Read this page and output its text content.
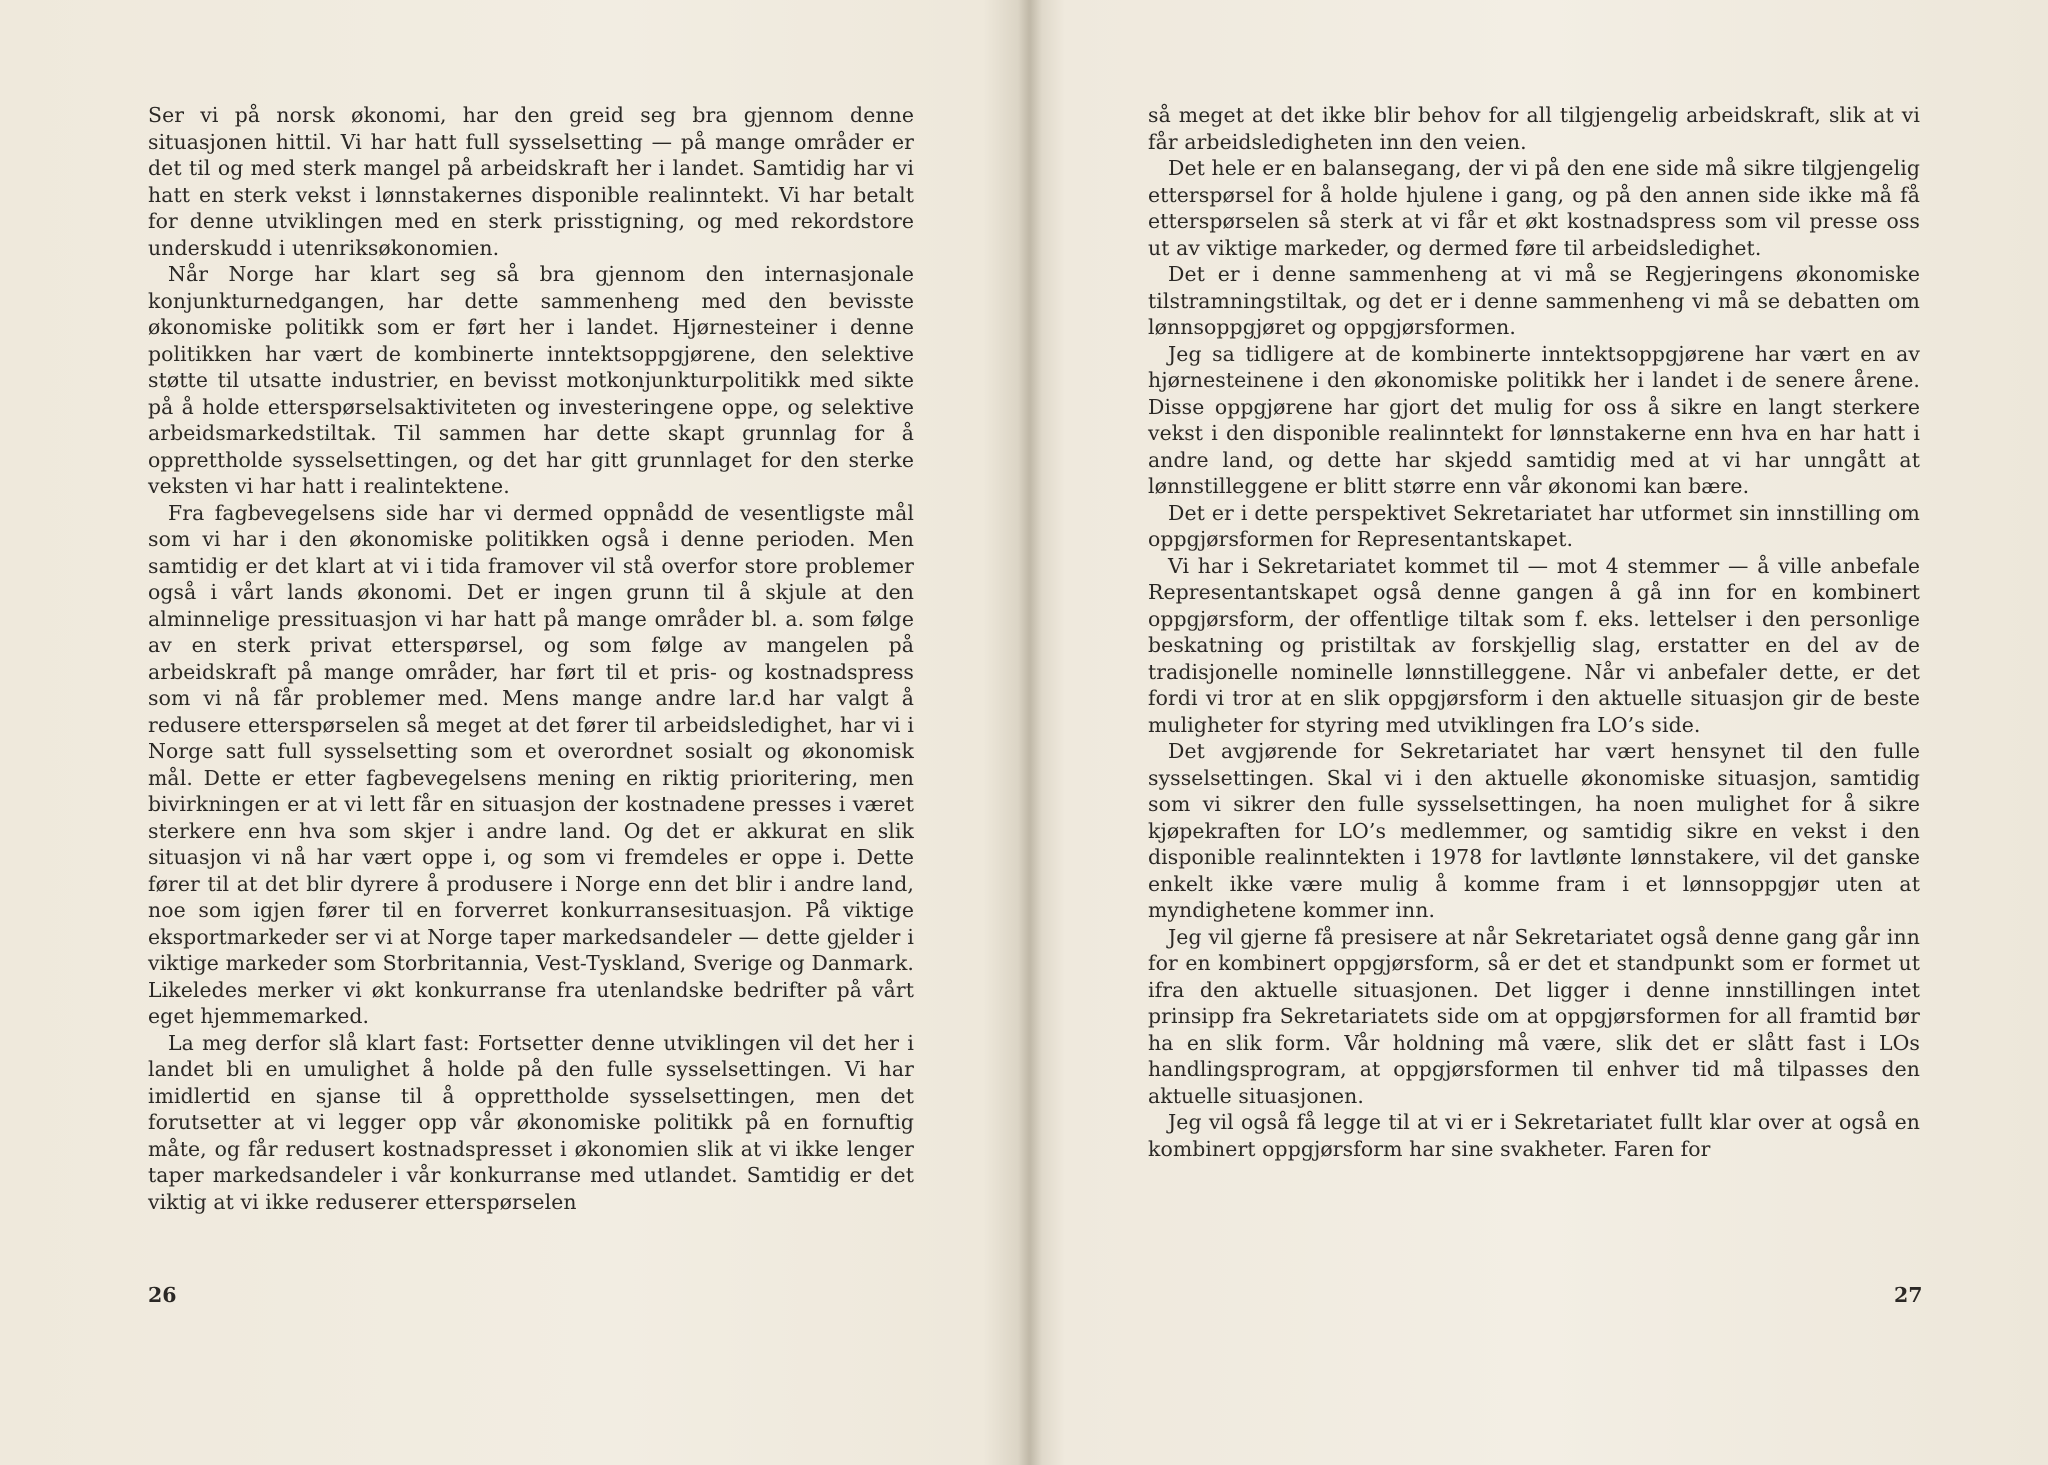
Ser vi på norsk økonomi, har den greid seg bra gjennom denne situasjonen hittil. Vi har hatt full sysselsetting — på mange områder er det til og med sterk mangel på arbeidskraft her i landet. Samtidig har vi hatt en sterk vekst i lønnstakernes disponible realinntekt. Vi har betalt for denne utviklingen med en sterk prisstigning, og med rekordstore underskudd i utenriksøkonomien.

Når Norge har klart seg så bra gjennom den internasjonale konjunkturnedgangen, har dette sammenheng med den bevisste økonomiske politikk som er ført her i landet. Hjørnesteiner i denne politikken har vært de kombinerte inntektsoppgjørene, den selektive støtte til utsatte industrier, en bevisst motkonjunkturpolitikk med sikte på å holde etterspørselsaktiviteten og investeringene oppe, og selektive arbeidsmarkedstiltak. Til sammen har dette skapt grunnlag for å opprettholde sysselsettingen, og det har gitt grunnlaget for den sterke veksten vi har hatt i realintektene.

Fra fagbevegelsens side har vi dermed oppnådd de vesentligste mål som vi har i den økonomiske politikken også i denne perioden. Men samtidig er det klart at vi i tida framover vil stå overfor store problemer også i vårt lands økonomi. Det er ingen grunn til å skjule at den alminnelige pressituasjon vi har hatt på mange områder bl. a. som følge av en sterk privat etterspørsel, og som følge av mangelen på arbeidskraft på mange områder, har ført til et pris- og kostnadspress som vi nå får problemer med. Mens mange andre lar.d har valgt å redusere etterspørselen så meget at det fører til arbeidsledighet, har vi i Norge satt full sysselsetting som et overordnet sosialt og økonomisk mål. Dette er etter fagbevegelsens mening en riktig prioritering, men bivirkningen er at vi lett får en situasjon der kostnadene presses i været sterkere enn hva som skjer i andre land. Og det er akkurat en slik situasjon vi nå har vært oppe i, og som vi fremdeles er oppe i. Dette fører til at det blir dyrere å produsere i Norge enn det blir i andre land, noe som igjen fører til en forverret konkurransesituasjon. På viktige eksportmarkeder ser vi at Norge taper markedsandeler — dette gjelder i viktige markeder som Storbritannia, Vest-Tyskland, Sverige og Danmark. Likeledes merker vi økt konkurranse fra utenlandske bedrifter på vårt eget hjemmemarked.

La meg derfor slå klart fast: Fortsetter denne utviklingen vil det her i landet bli en umulighet å holde på den fulle sysselsettingen. Vi har imidlertid en sjanse til å opprettholde sysselsettingen, men det forutsetter at vi legger opp vår økonomiske politikk på en fornuftig måte, og får redusert kostnadspresset i økonomien slik at vi ikke lenger taper markedsandeler i vår konkurranse med utlandet. Samtidig er det viktig at vi ikke reduserer etterspørselen

26

så meget at det ikke blir behov for all tilgjengelig arbeidskraft, slik at vi får arbeidsledigheten inn den veien.

Det hele er en balansegang, der vi på den ene side må sikre tilgjengelig etterspørsel for å holde hjulene i gang, og på den annen side ikke må få etterspørselen så sterk at vi får et økt kostnadspress som vil presse oss ut av viktige markeder, og dermed føre til arbeidsledighet.

Det er i denne sammenheng at vi må se Regjeringens økonomiske tilstramningstiltak, og det er i denne sammenheng vi må se debatten om lønnsoppgjøret og oppgjørsformen.

Jeg sa tidligere at de kombinerte inntektsoppgjørene har vært en av hjørnesteinene i den økonomiske politikk her i landet i de senere årene. Disse oppgjørene har gjort det mulig for oss å sikre en langt sterkere vekst i den disponible realinntekt for lønnstakerne enn hva en har hatt i andre land, og dette har skjedd samtidig med at vi har unngått at lønnstilleggene er blitt større enn vår økonomi kan bære.

Det er i dette perspektivet Sekretariatet har utformet sin innstilling om oppgjørsformen for Representantskapet.

Vi har i Sekretariatet kommet til — mot 4 stemmer — å ville anbefale Representantskapet også denne gangen å gå inn for en kombinert oppgjørsform, der offentlige tiltak som f. eks. lettelser i den personlige beskatning og pristiltak av forskjellig slag, erstatter en del av de tradisjonelle nominelle lønnstilleggene. Når vi anbefaler dette, er det fordi vi tror at en slik oppgjørsform i den aktuelle situasjon gir de beste muligheter for styring med utviklingen fra LO’s side.

Det avgjørende for Sekretariatet har vært hensynet til den fulle sysselsettingen. Skal vi i den aktuelle økonomiske situasjon, samtidig som vi sikrer den fulle sysselsettingen, ha noen mulighet for å sikre kjøpekraften for LO’s medlemmer, og samtidig sikre en vekst i den disponible realinntekten i 1978 for lavtlønte lønnstakere, vil det ganske enkelt ikke være mulig å komme fram i et lønnsoppgjør uten at myndighetene kommer inn.

Jeg vil gjerne få presisere at når Sekretariatet også denne gang går inn for en kombinert oppgjørsform, så er det et standpunkt som er formet ut ifra den aktuelle situasjonen. Det ligger i denne innstillingen intet prinsipp fra Sekretariatets side om at oppgjørsformen for all framtid bør ha en slik form. Vår holdning må være, slik det er slått fast i LOs handlingsprogram, at oppgjørsformen til enhver tid må tilpasses den aktuelle situasjonen.

Jeg vil også få legge til at vi er i Sekretariatet fullt klar over at også en kombinert oppgjørsform har sine svakheter. Faren for

27
